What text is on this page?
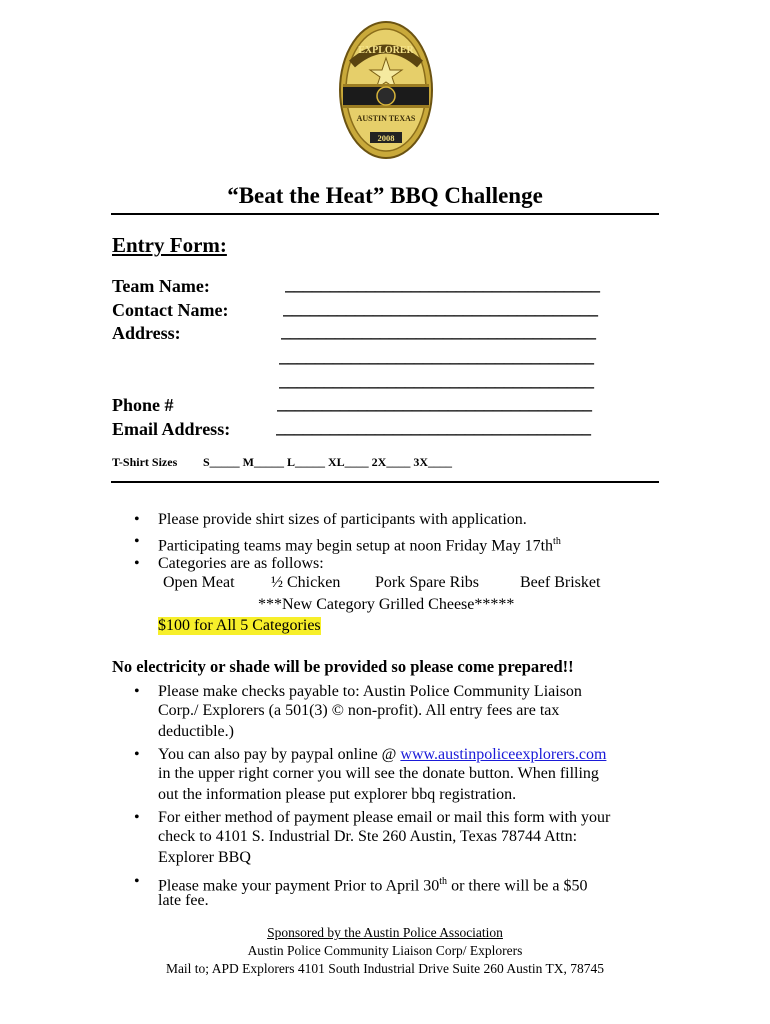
EXPLORER
AUSTIN TEXAS
2008
“Beat the Heat” BBQ Challenge
Entry Form:
Team Name:	___________________________________
Contact Name:	___________________________________
Address:	___________________________________
___________________________________
___________________________________
Phone #	___________________________________
Email Address:	___________________________________
T-Shirt Sizes S_____ M_____ L_____ XL____ 2X____ 3X____
• Please provide shirt sizes of participants with application.
• Participating teams may begin setup at noon Friday May $17th^{th}$
• Categories are as follows:
Open Meat ½ Chicken Pork Spare Ribs	Beef Brisket
***New Category Grilled Cheese*****
$100 for All 5 Categories
No electricity or shade will be provided so please come prepared!!
• Please make checks payable to: Austin Police Community Liaison
Corp./ Explorers (a 501(3) © non-profit). All entry fees are tax
deductible.)
• You can also pay by paypal online @ www.austinpoliceexplorers.com
in the upper right corner you will see the donate button. When filling
out the information please put explorer bbq registration.
• For either method of payment please email or mail this form with your
check to 4101 S. Industrial Dr. Ste 260 Austin, Texas 78744 Attn:
Explorer BBQ
• Please make your payment Prior to April 30th or there will be a $50
late fee.
Sponsored by the Austin Police Association
Austin Police Community Liaison Corp/ Explorers
Mail to; APD Explorers 4101 South Industrial Drive Suite 260 Austin TX, 78745
